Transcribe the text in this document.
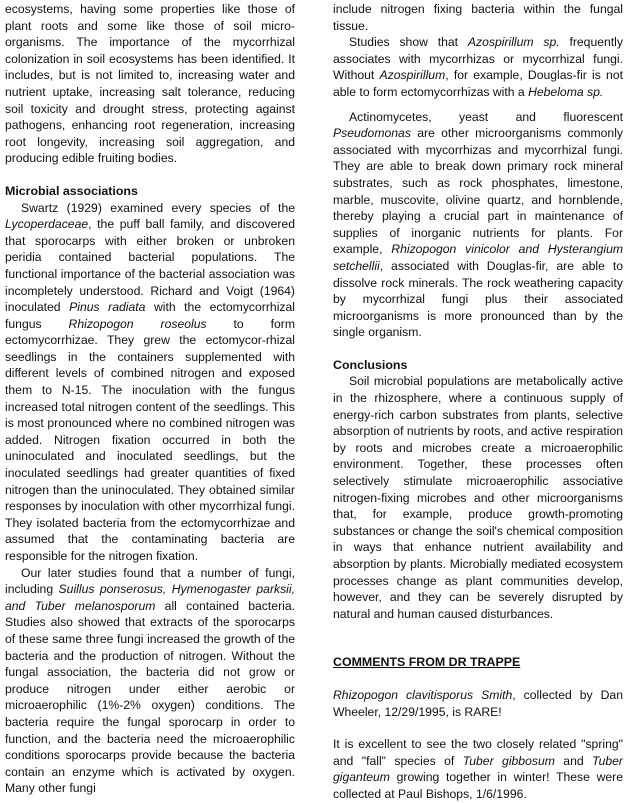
ecosystems, having some properties like those of plant roots and some like those of soil micro-organisms. The importance of the mycorrhizal colonization in soil ecosystems has been identified. It includes, but is not limited to, increasing water and nutrient uptake, increasing salt tolerance, reducing soil toxicity and drought stress, protecting against pathogens, enhancing root regeneration, increasing root longevity, increasing soil aggregation, and producing edible fruiting bodies.

Microbial associations

Swartz (1929) examined every species of the Lycoperdaceae, the puff ball family, and discovered that sporocarps with either broken or unbroken peridia contained bacterial populations. The functional importance of the bacterial association was incompletely understood. Richard and Voigt (1964) inoculated Pinus radiata with the ectomycorrhizal fungus Rhizopogon roseolus to form ectomycorrhizae. They grew the ectomycor-rhizal seedlings in the containers supplemented with different levels of combined nitrogen and exposed them to N-15. The inoculation with the fungus increased total nitrogen content of the seedlings. This is most pronounced where no combined nitrogen was added. Nitrogen fixation occurred in both the uninoculated and inoculated seedlings, but the inoculated seedlings had greater quantities of fixed nitrogen than the uninoculated. They obtained similar responses by inoculation with other mycorrhizal fungi. They isolated bacteria from the ectomycorrhizae and assumed that the contaminating bacteria are responsible for the nitrogen fixation.

Our later studies found that a number of fungi, including Suillus ponserosus, Hymenogaster parksii, and Tuber melanosporum all contained bacteria. Studies also showed that extracts of the sporocarps of these same three fungi increased the growth of the bacteria and the production of nitrogen. Without the fungal association, the bacteria did not grow or produce nitrogen under either aerobic or microaerophilic (1%-2% oxygen) conditions. The bacteria require the fungal sporocarp in order to function, and the bacteria need the microaerophilic conditions sporocarps provide because the bacteria contain an enzyme which is activated by oxygen. Many other fungi

include nitrogen fixing bacteria within the fungal tissue.

Studies show that Azospirillum sp. frequently associates with mycorrhizas or mycorrhizal fungi. Without Azospirillum, for example, Douglas-fir is not able to form ectomycorrhizas with a Hebeloma sp.

Actinomycetes, yeast and fluorescent Pseudomonas are other microorganisms commonly associated with mycorrhizas and mycorrhizal fungi. They are able to break down primary rock mineral substrates, such as rock phosphates, limestone, marble, muscovite, olivine quartz, and hornblende, thereby playing a crucial part in maintenance of supplies of inorganic nutrients for plants. For example, Rhizopogon vinicolor and Hysterangium setchellii, associated with Douglas-fir, are able to dissolve rock minerals. The rock weathering capacity by mycorrhizal fungi plus their associated microorganisms is more pronounced than by the single organism.

Conclusions

Soil microbial populations are metabolically active in the rhizosphere, where a continuous supply of energy-rich carbon substrates from plants, selective absorption of nutrients by roots, and active respiration by roots and microbes create a microaerophilic environment. Together, these processes often selectively stimulate microaerophilic associative nitrogen-fixing microbes and other microorganisms that, for example, produce growth-promoting substances or change the soil's chemical composition in ways that enhance nutrient availability and absorption by plants. Microbially mediated ecosystem processes change as plant communities develop, however, and they can be severely disrupted by natural and human caused disturbances.

COMMENTS FROM DR TRAPPE

Rhizopogon clavitisporus Smith, collected by Dan Wheeler, 12/29/1995, is RARE!

It is excellent to see the two closely related "spring" and "fall" species of Tuber gibbosum and Tuber giganteum growing together in winter! These were collected at Paul Bishops, 1/6/1996.
